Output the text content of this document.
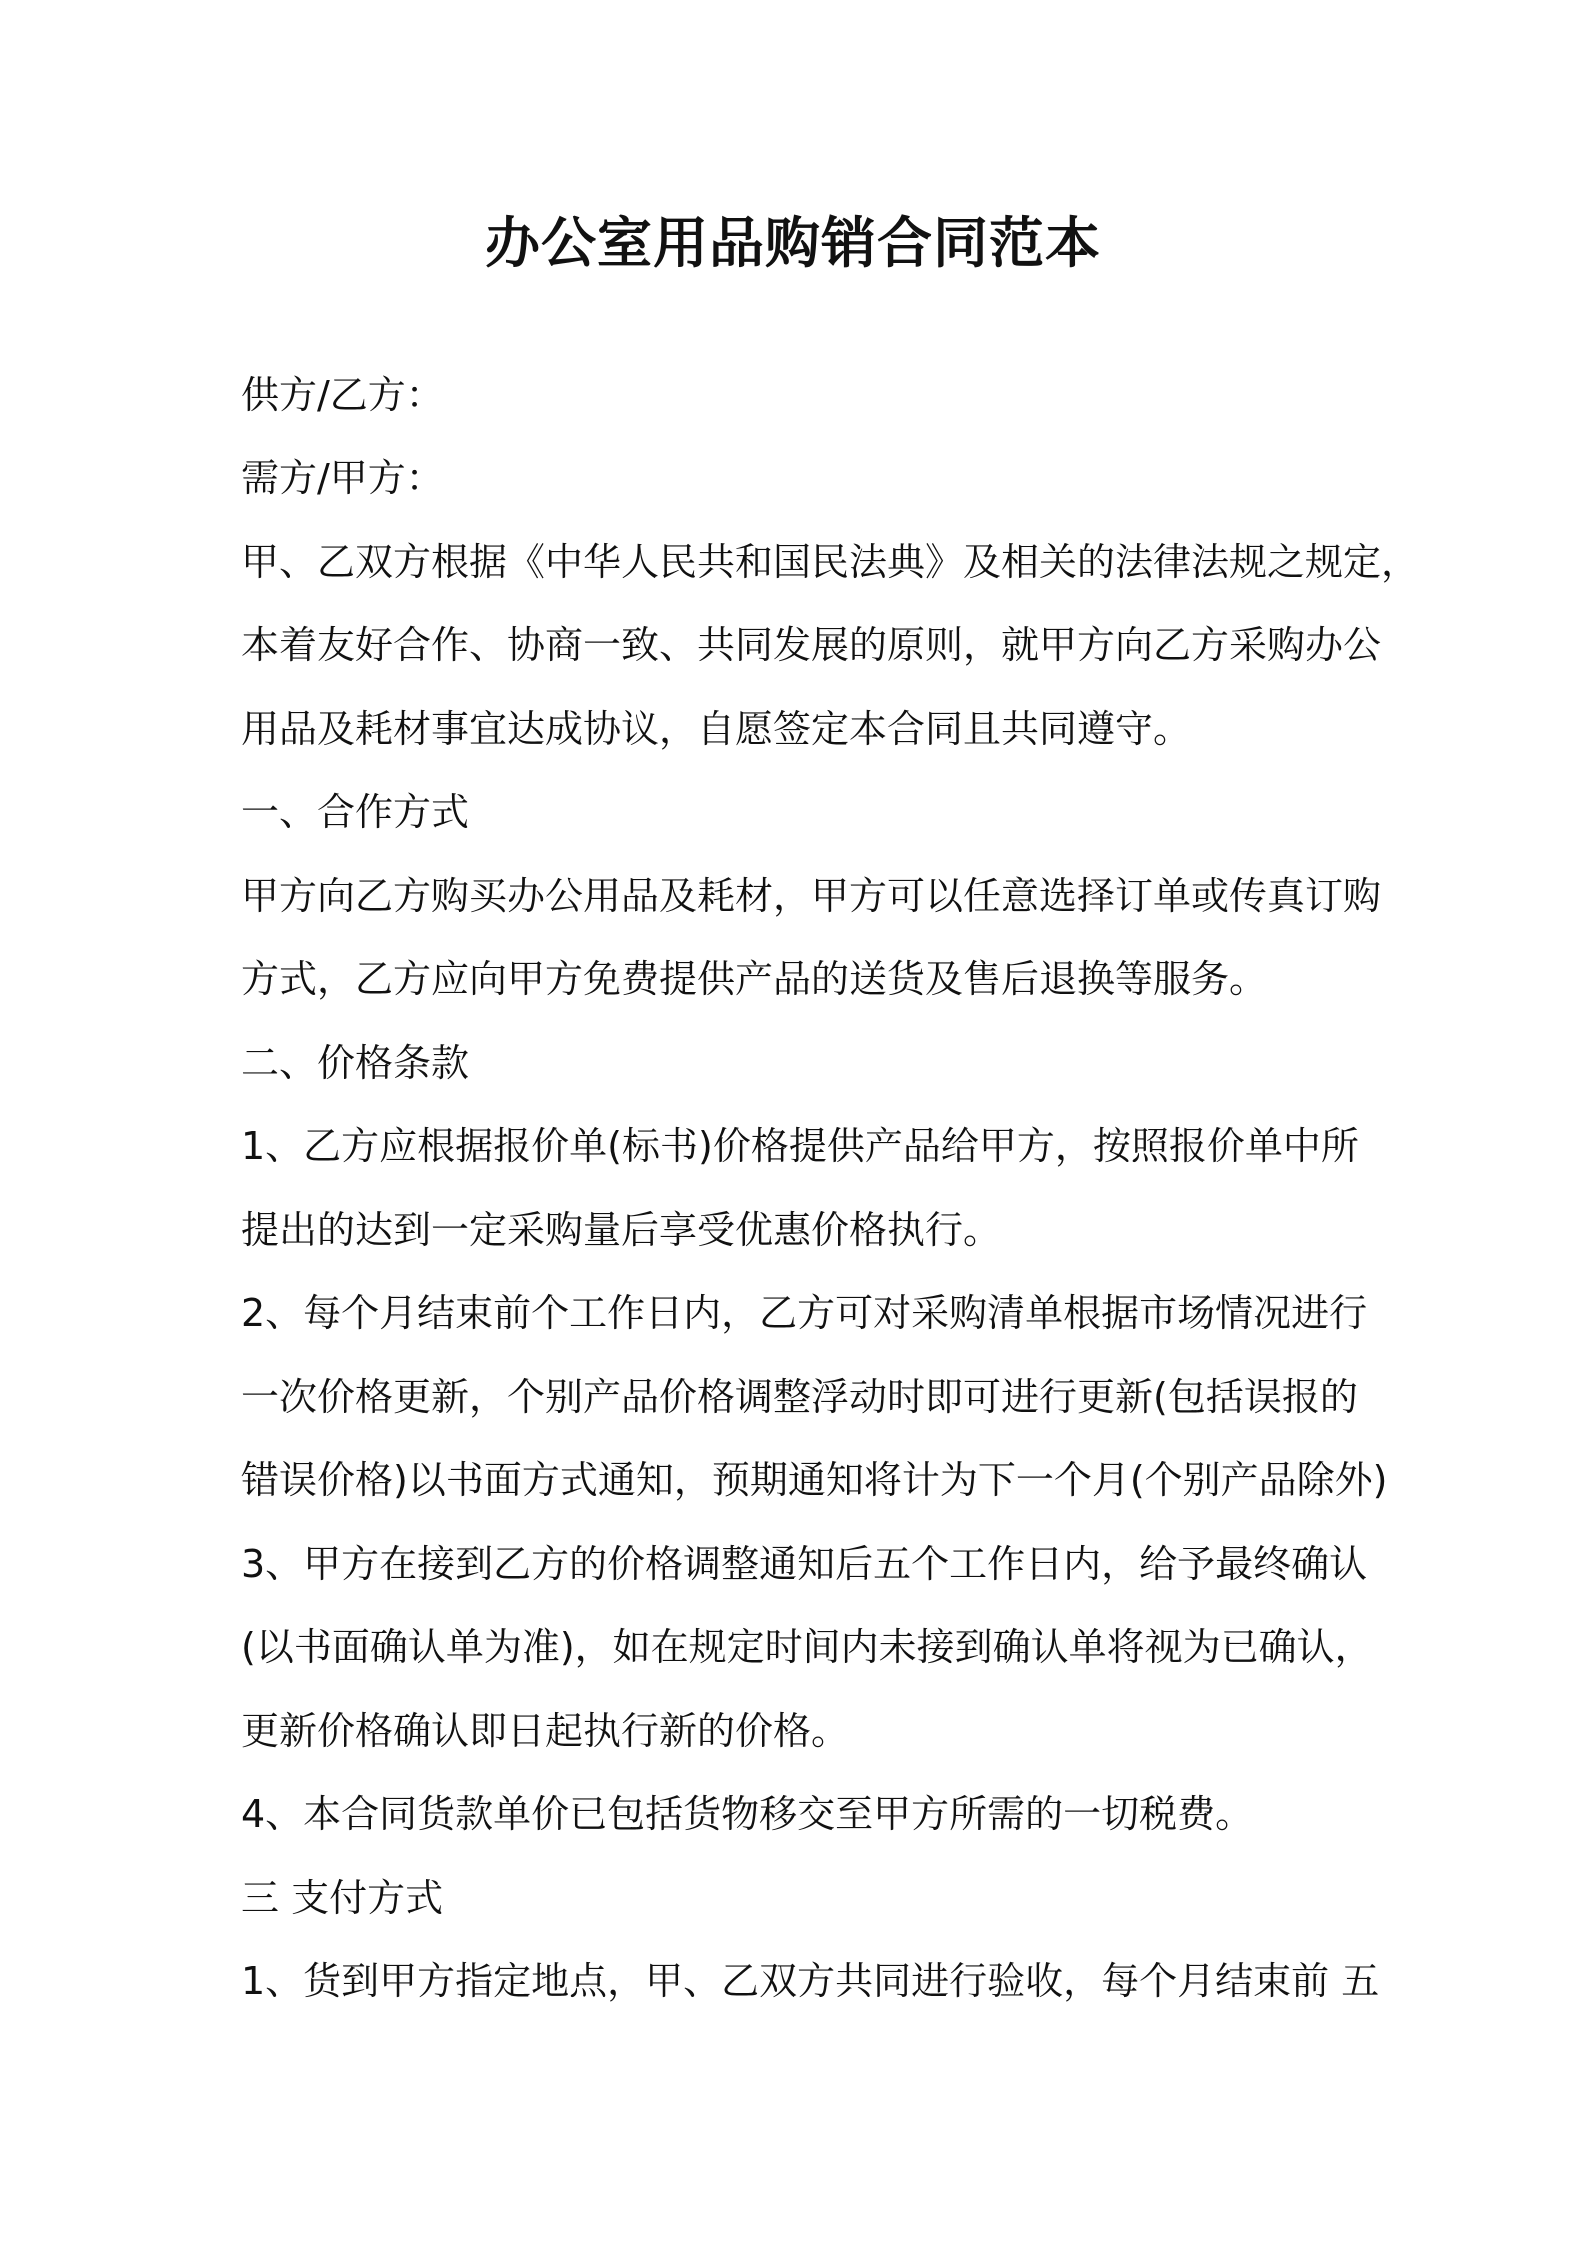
办公室用品购销合同范本
供方/乙方：
需方/甲方：
甲、乙双方根据《中华人民共和国民法典》及相关的法律法规之规定，
本着友好合作、协商一致、共同发展的原则，就甲方向乙方采购办公
用品及耗材事宜达成协议，自愿签定本合同且共同遵守。
一、合作方式
甲方向乙方购买办公用品及耗材，甲方可以任意选择订单或传真订购
方式，乙方应向甲方免费提供产品的送货及售后退换等服务。
二、价格条款
1、乙方应根据报价单(标书)价格提供产品给甲方，按照报价单中所
提出的达到一定采购量后享受优惠价格执行。
2、每个月结束前个工作日内，乙方可对采购清单根据市场情况进行
一次价格更新，个别产品价格调整浮动时即可进行更新(包括误报的
错误价格)以书面方式通知，预期通知将计为下一个月(个别产品除外)
3、甲方在接到乙方的价格调整通知后五个工作日内，给予最终确认
(以书面确认单为准)，如在规定时间内未接到确认单将视为已确认，
更新价格确认即日起执行新的价格。
4、本合同货款单价已包括货物移交至甲方所需的一切税费。
三 支付方式
1、货到甲方指定地点，甲、乙双方共同进行验收，每个月结束前 五
